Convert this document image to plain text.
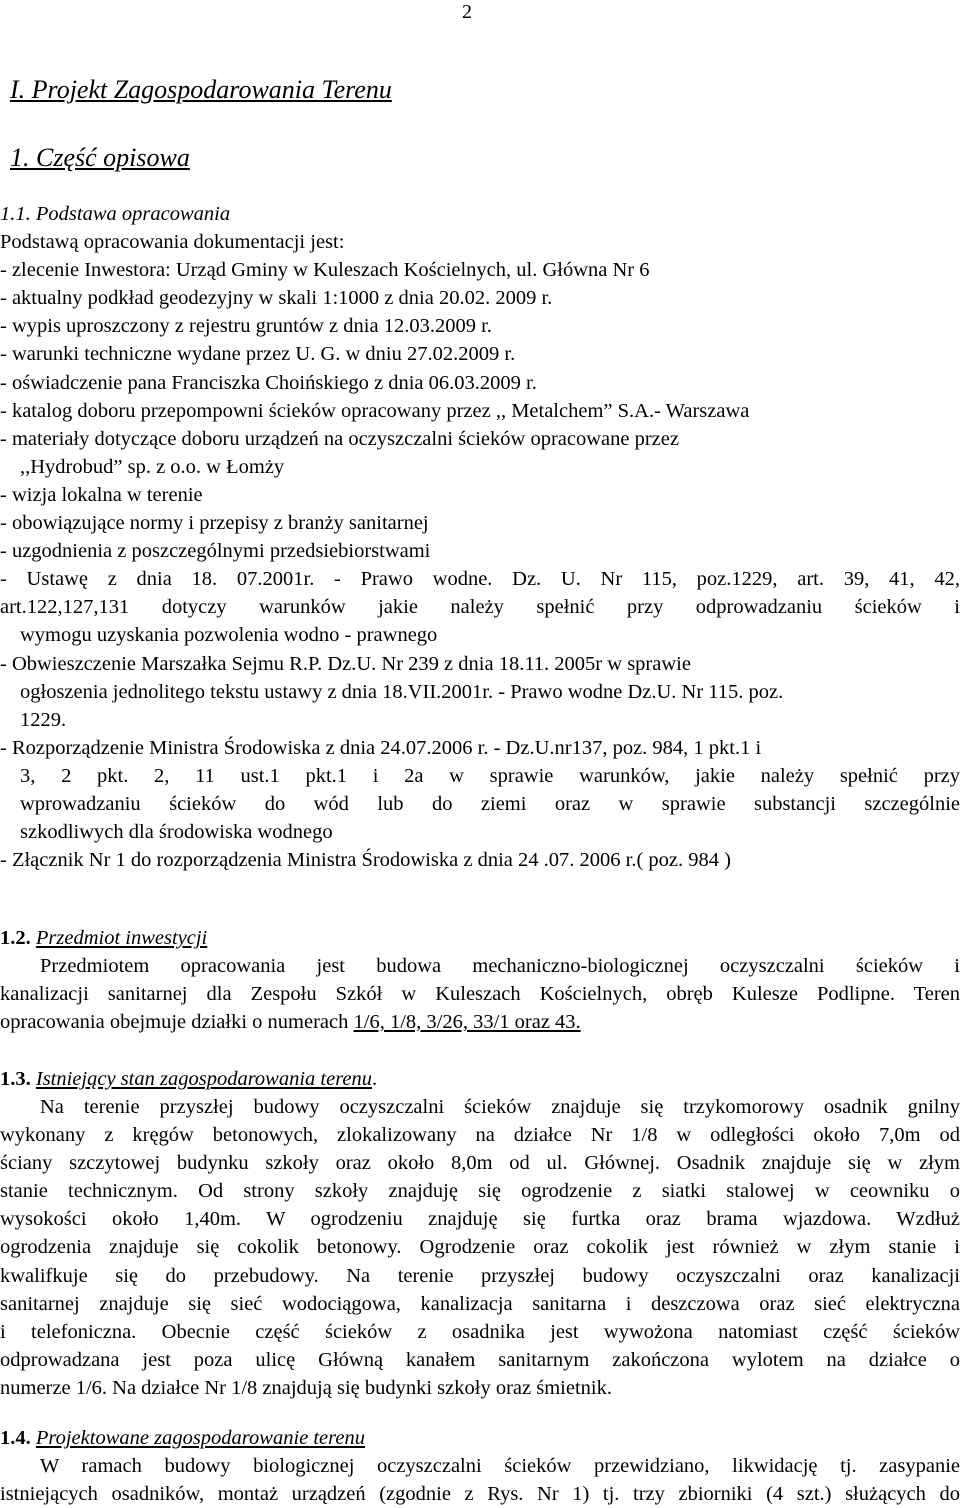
2
I. Projekt Zagospodarowania Terenu
1. Część opisowa
1.1. Podstawa opracowania
Podstawą opracowania dokumentacji jest:
- zlecenie Inwestora: Urząd Gminy w Kuleszach Kościelnych, ul. Główna Nr 6
- aktualny podkład geodezyjny w skali 1:1000 z dnia 20.02. 2009 r.
- wypis uproszczony z rejestru gruntów z dnia 12.03.2009 r.
- warunki techniczne wydane przez U. G. w dniu 27.02.2009 r.
- oświadczenie pana Franciszka Choińskiego z dnia 06.03.2009 r.
- katalog doboru przepompowni ścieków opracowany przez ,, Metalchem” S.A.- Warszawa
- materiały dotyczące doboru urządzeń na oczyszczalni ścieków opracowane przez
,,Hydrobud” sp. z o.o. w Łomży
- wizja lokalna w terenie
- obowiązujące normy i przepisy z branży sanitarnej
- uzgodnienia z poszczególnymi przedsiebiorstwami
- Ustawę z dnia 18. 07.2001r. - Prawo wodne. Dz. U. Nr 115, poz.1229, art. 39, 41, 42,
art.122,127,131 dotyczy warunków jakie należy spełnić przy odprowadzaniu ścieków i
wymogu uzyskania pozwolenia wodno - prawnego
- Obwieszczenie Marszałka Sejmu R.P. Dz.U. Nr 239 z dnia 18.11. 2005r w sprawie
ogłoszenia jednolitego tekstu ustawy z dnia 18.VII.2001r. - Prawo wodne Dz.U. Nr 115. poz.
1229.
- Rozporządzenie Ministra Środowiska z dnia 24.07.2006 r. - Dz.U.nr137, poz. 984, 1 pkt.1 i
3, 2 pkt. 2, 11 ust.1 pkt.1 i 2a w sprawie warunków, jakie należy spełnić przy
wprowadzaniu ścieków do wód lub do ziemi oraz w sprawie substancji szczególnie
szkodliwych dla środowiska wodnego
- Złącznik Nr 1 do rozporządzenia Ministra Środowiska z dnia 24 .07. 2006 r.( poz. 984 )
1.2. Przedmiot inwestycji
Przedmiotem opracowania jest budowa mechaniczno-biologicznej oczyszczalni ścieków i
kanalizacji sanitarnej dla Zespołu Szkół w Kuleszach Kościelnych, obręb Kulesze Podlipne. Teren
opracowania obejmuje działki o numerach 1/6, 1/8, 3/26, 33/1 oraz 43.
1.3. Istniejący stan zagospodarowania terenu.
Na terenie przyszłej budowy oczyszczalni ścieków znajduje się trzykomorowy osadnik gnilny
wykonany z kręgów betonowych, zlokalizowany na działce Nr 1/8 w odległości około 7,0m od
ściany szczytowej budynku szkoły oraz około 8,0m od ul. Głównej. Osadnik znajduje się w złym
stanie technicznym. Od strony szkoły znajduję się ogrodzenie z siatki stalowej w ceowniku o
wysokości około 1,40m. W ogrodzeniu znajduję się furtka oraz brama wjazdowa. Wzdłuż
ogrodzenia znajduje się cokolik betonowy. Ogrodzenie oraz cokolik jest również w złym stanie i
kwalifkuje się do przebudowy. Na terenie przyszłej budowy oczyszczalni oraz kanalizacji
sanitarnej znajduje się sieć wodociągowa, kanalizacja sanitarna i deszczowa oraz sieć elektryczna
i telefoniczna. Obecnie część ścieków z osadnika jest wywożona natomiast część ścieków
odprowadzana jest poza ulicę Główną kanałem sanitarnym zakończona wylotem na działce o
numerze 1/6. Na działce Nr 1/8 znajdują się budynki szkoły oraz śmietnik.
1.4. Projektowane zagospodarowanie terenu
W ramach budowy biologicznej oczyszczalni ścieków przewidziano, likwidację tj. zasypanie
istniejących osadników, montaż urządzeń (zgodnie z Rys. Nr 1) tj. trzy zbiorniki (4 szt.) służących do
